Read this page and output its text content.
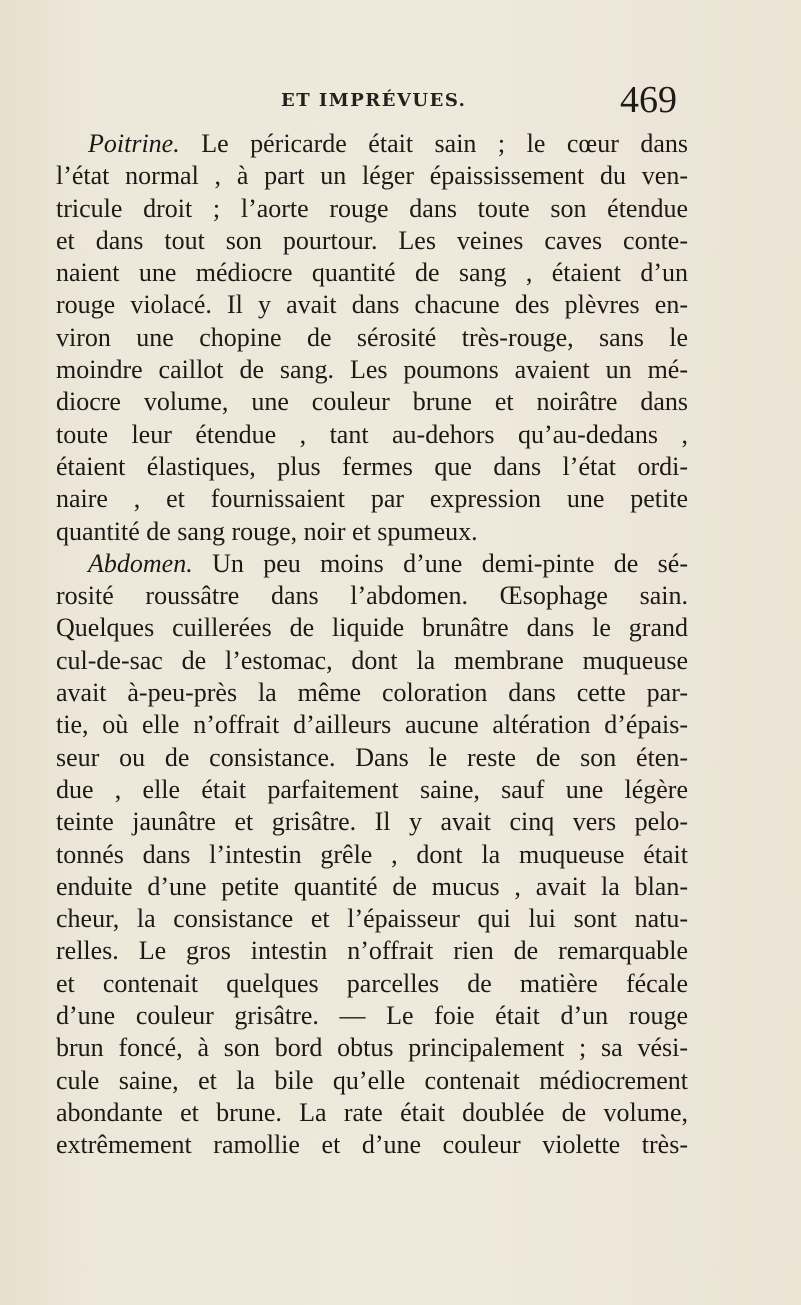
ET IMPRÉVUES.	469
Poitrine. Le péricarde était sain ; le cœur dans
l’état normal , à part un léger épaississement du ven-
tricule droit ; l’aorte rouge dans toute son étendue
et dans tout son pourtour. Les veines caves conte-
naient une médiocre quantité de sang , étaient d’un
rouge violacé. Il y avait dans chacune des plèvres en-
viron une chopine de sérosité très-rouge, sans le
moindre caillot de sang. Les poumons avaient un mé-
diocre volume, une couleur brune et noirâtre dans
toute leur étendue , tant au-dehors qu’au-dedans ,
étaient élastiques, plus fermes que dans l’état ordi-
naire , et fournissaient par expression une petite
quantité de sang rouge, noir et spumeux.
Abdomen. Un peu moins d’une demi-pinte de sé-
rosité roussâtre dans l’abdomen. Œsophage sain.
Quelques cuillerées de liquide brunâtre dans le grand
cul-de-sac de l’estomac, dont la membrane muqueuse
avait à-peu-près la même coloration dans cette par-
tie, où elle n’offrait d’ailleurs aucune altération d’épais-
seur ou de consistance. Dans le reste de son éten-
due , elle était parfaitement saine, sauf une légère
teinte jaunâtre et grisâtre. Il y avait cinq vers pelo-
tonnés dans l’intestin grêle , dont la muqueuse était
enduite d’une petite quantité de mucus , avait la blan-
cheur, la consistance et l’épaisseur qui lui sont natu-
relles. Le gros intestin n’offrait rien de remarquable
et contenait quelques parcelles de matière fécale
d’une couleur grisâtre. — Le foie était d’un rouge
brun foncé, à son bord obtus principalement ; sa vési-
cule saine, et la bile qu’elle contenait médiocrement
abondante et brune. La rate était doublée de volume,
extrêmement ramollie et d’une couleur violette très-
